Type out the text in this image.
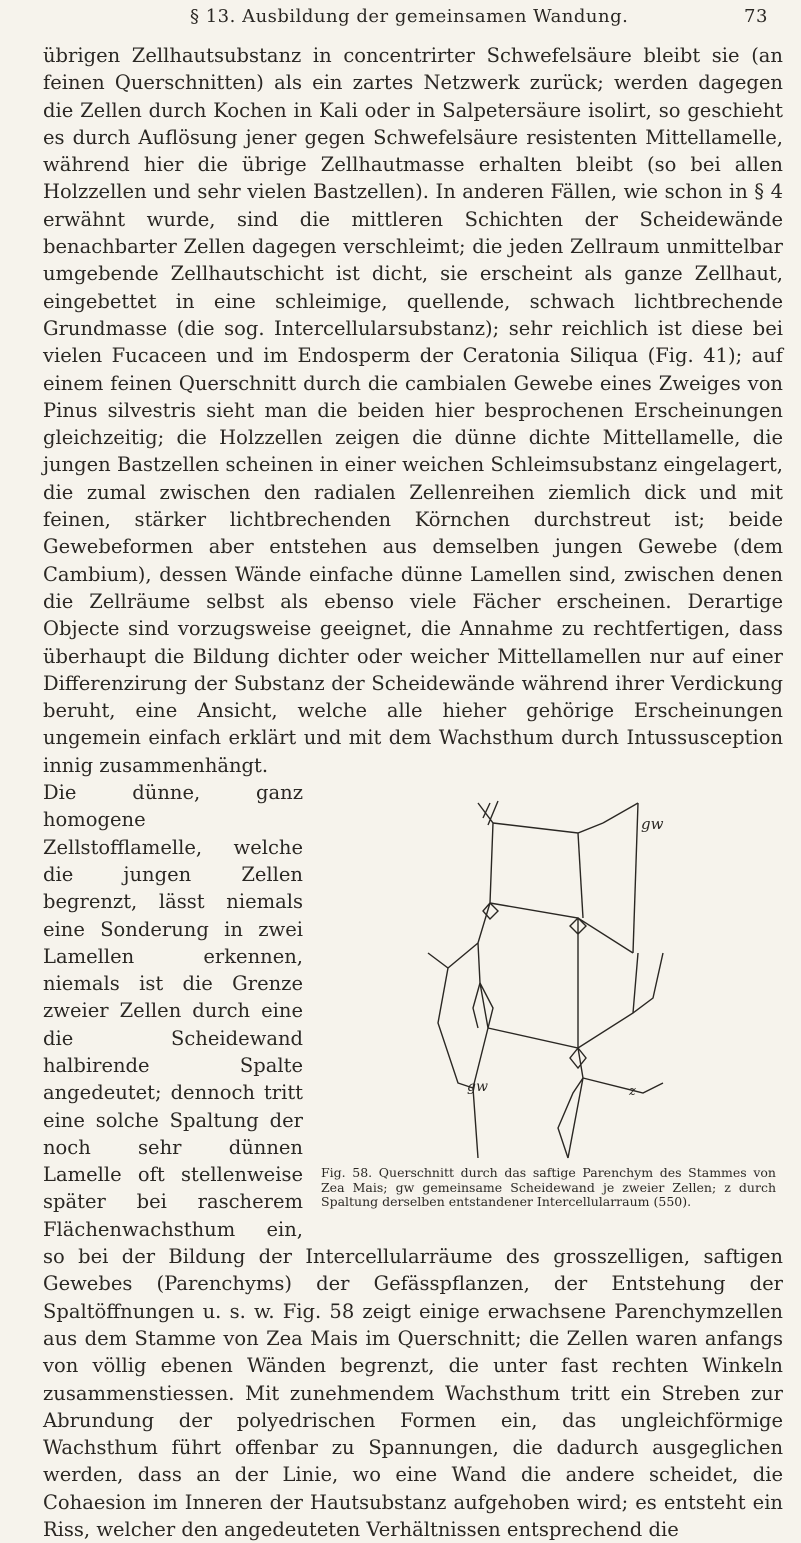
§ 13. Ausbildung der gemeinsamen Wandung.	73

übrigen Zellhautsubstanz in concentrirter Schwefelsäure bleibt sie (an feinen Querschnitten) als ein zartes Netzwerk zurück; werden dagegen die Zellen durch Kochen in Kali oder in Salpetersäure isolirt, so geschieht es durch Auflösung jener gegen Schwefelsäure resistenten Mittellamelle, während hier die übrige Zellhautmasse erhalten bleibt (so bei allen Holzzellen und sehr vielen Bastzellen). In anderen Fällen, wie schon in § 4 erwähnt wurde, sind die mittleren Schichten der Scheidewände benachbarter Zellen dagegen verschleimt; die jeden Zellraum unmittelbar umgebende Zellhautschicht ist dicht, sie erscheint als ganze Zellhaut, eingebettet in eine schleimige, quellende, schwach lichtbrechende Grundmasse (die sog. Intercellularsubstanz); sehr reichlich ist diese bei vielen Fucaceen und im Endosperm der Ceratonia Siliqua (Fig. 41); auf einem feinen Querschnitt durch die cambialen Gewebe eines Zweiges von Pinus silvestris sieht man die beiden hier besprochenen Erscheinungen gleichzeitig; die Holzzellen zeigen die dünne dichte Mittellamelle, die jungen Bastzellen scheinen in einer weichen Schleimsubstanz eingelagert, die zumal zwischen den radialen Zellenreihen ziemlich dick und mit feinen, stärker lichtbrechenden Körnchen durchstreut ist; beide Gewebeformen aber entstehen aus demselben jungen Gewebe (dem Cambium), dessen Wände einfache dünne Lamellen sind, zwischen denen die Zellräume selbst als ebenso viele Fächer erscheinen. Derartige Objecte sind vorzugsweise geeignet, die Annahme zu rechtfertigen, dass überhaupt die Bildung dichter oder weicher Mittellamellen nur auf einer Differenzirung der Substanz der Scheidewände während ihrer Verdickung beruht, eine Ansicht, welche alle hieher gehörige Erscheinungen ungemein einfach erklärt und mit dem Wachsthum durch Intussusception innig zusammenhängt.

gw
gw	z
Fig. 58. Querschnitt durch das saftige Parenchym des Stammes von Zea Mais; gw gemeinsame Scheidewand je zweier Zellen; z durch Spaltung derselben entstandener Intercellularraum (550).

Die dünne, ganz homogene Zellstofflamelle, welche die jungen Zellen begrenzt, lässt niemals eine Sonderung in zwei Lamellen erkennen, niemals ist die Grenze zweier Zellen durch eine die Scheidewand halbirende Spalte angedeutet; dennoch tritt eine solche Spaltung der noch sehr dünnen Lamelle oft stellenweise später bei rascherem Flächenwachsthum ein, so bei der Bildung der Intercellularräume des grosszelligen, saftigen Gewebes (Parenchyms) der Gefässpflanzen, der Entstehung der Spaltöffnungen u. s. w. Fig. 58 zeigt einige erwachsene Parenchymzellen aus dem Stamme von Zea Mais im Querschnitt; die Zellen waren anfangs von völlig ebenen Wänden begrenzt, die unter fast rechten Winkeln zusammenstiessen. Mit zunehmendem Wachsthum tritt ein Streben zur Abrundung der polyedrischen Formen ein, das ungleichförmige Wachsthum führt offenbar zu Spannungen, die dadurch ausgeglichen werden, dass an der Linie, wo eine Wand die andere scheidet, die Cohaesion im Inneren der Hautsubstanz aufgehoben wird; es entsteht ein Riss, welcher den angedeuteten Verhältnissen entsprechend die
